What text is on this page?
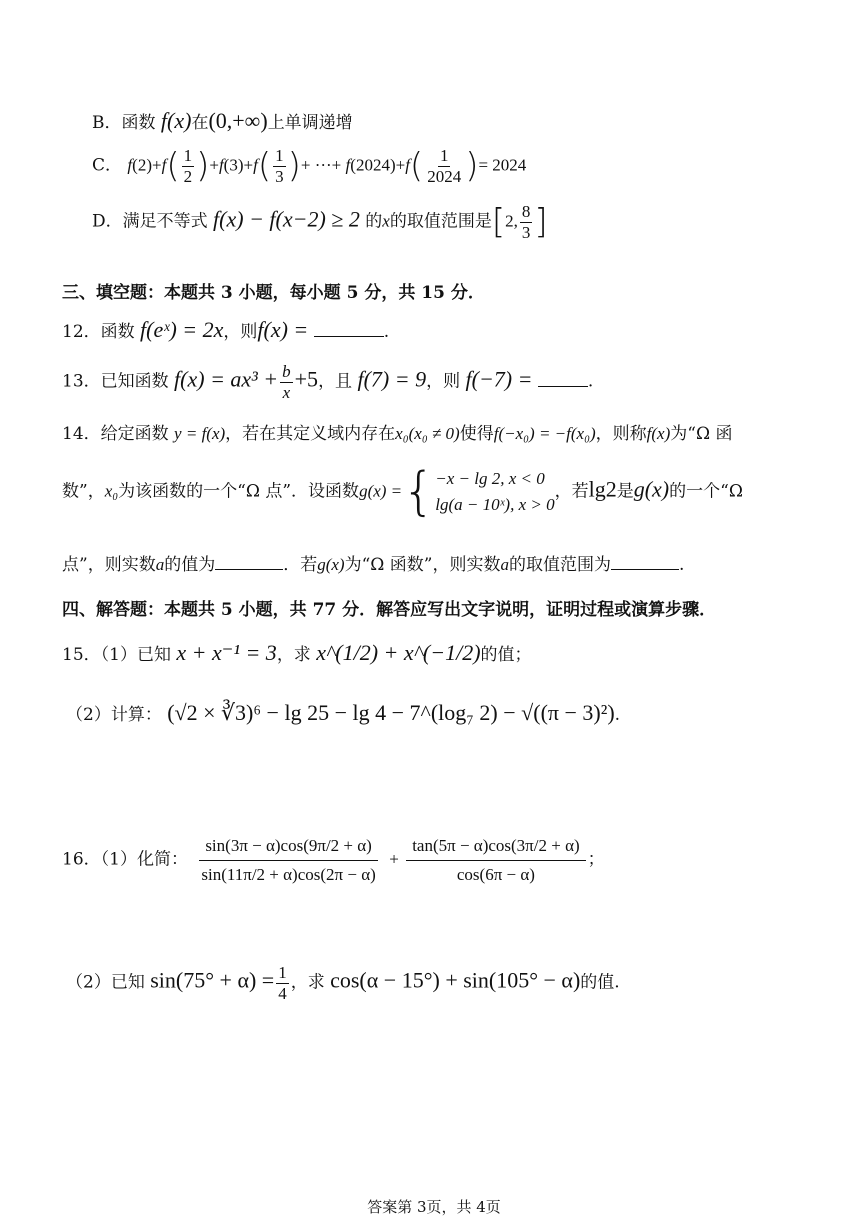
B．函数 f(x)在(0,+∞)上单调递增
C． $f(2)+f( \frac{1}{2} )+f(3)+f( \frac{1}{3}$ )+ ···+ $f(2024)+f( \frac{1}{2024}$ )= 2024
D．满足不等式 f(x) − f(x−2) ≥ 2 的x的取值范围是[2, $\frac{8}{3}$ ]
三、填空题：本题共 3 小题，每小题 5 分，共 15 分．
12．函数 f(eˣ) = 2x，则f(x) =	.
13．已知函数 $f(x) = ax^3 + \frac{b}{x} +5$，且 f(7) = 9，则 f(−7) =	.
14．给定函数 y = f(x)，若在其定义域内存在x₀(x₀ ≠ 0)使得f(−x₀) = −f(x₀)，则称f(x)为“Ω 函
数”，x₀为该函数的一个“Ω 点”．设函数g(x) ={ −x − lg 2, x < 0
lg(a − 10ˣ), x > 0
，若lg2是g(x)的一个“Ω
点”，则实数a的值为	．若g(x)为“Ω 函数”，则实数a的取值范围为	.
四、解答题：本题共 5 小题，共 77 分．解答应写出文字说明，证明过程或演算步骤．
15．（1）已知 x + x⁻¹ = 3，求 x^(1/2) + x^(−1/2)的值；
（2）计算： (√2 × ∛3)⁶ − lg 25 − lg 4 − 7^(log₇ 2) − √((π − 3)²).
16．（1）化简： $\frac{\sin(3\pi - \alpha)\cos(9\pi/2 + \alpha)}{\sin(11\pi/2 + \alpha)\cos(2\pi - \alpha)} + \frac{\tan(5\pi - \alpha)\cos(3\pi/2 + \alpha)}{\cos(6\pi - \alpha)}$ ；
（2）已知 $\sin(75^\circ + \alpha) = \frac{1}{4}$ ，求 cos(α − 15°) + sin(105° − α)的值.
答案第 3页，共 4页
